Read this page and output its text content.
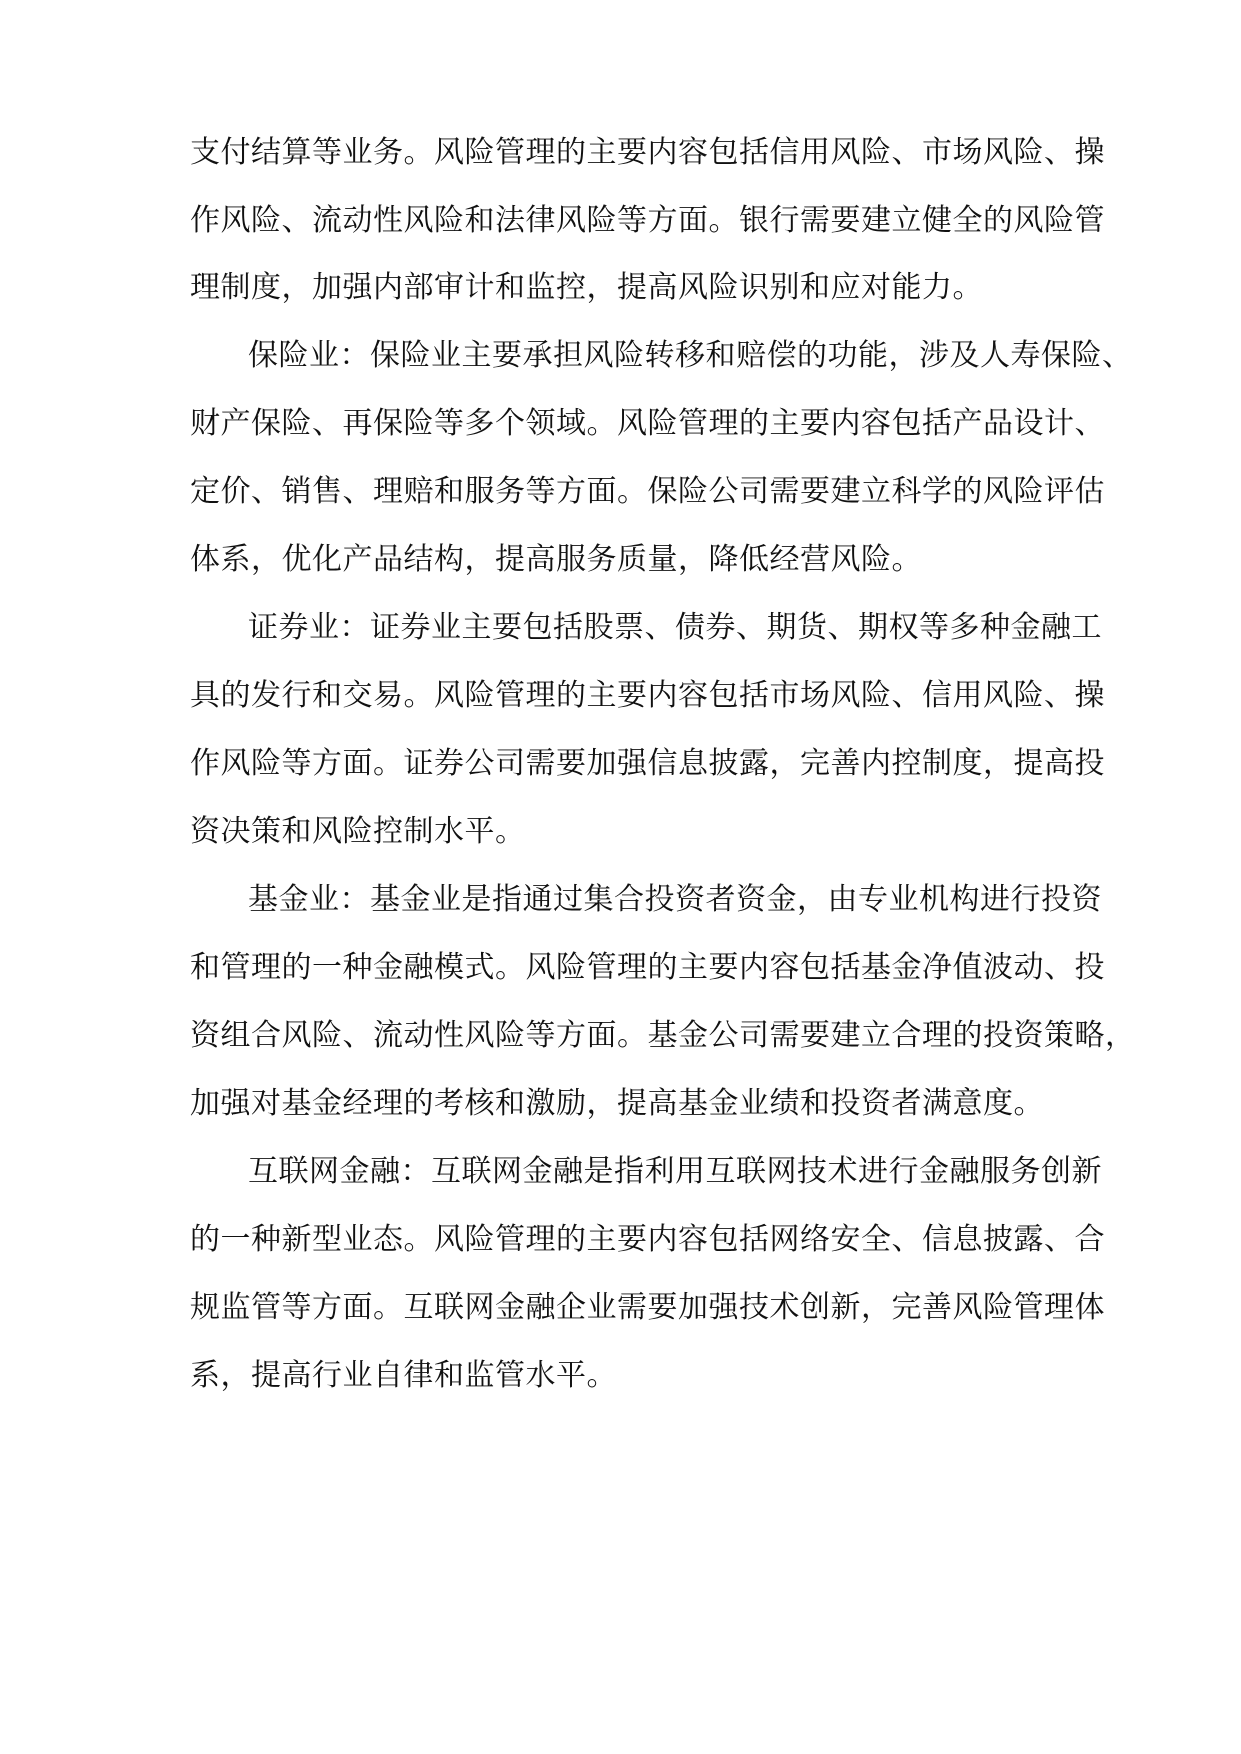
支付结算等业务。风险管理的主要内容包括信用风险、市场风险、操
作风险、流动性风险和法律风险等方面。银行需要建立健全的风险管
理制度，加强内部审计和监控，提高风险识别和应对能力。
保险业：保险业主要承担风险转移和赔偿的功能，涉及人寿保险、
财产保险、再保险等多个领域。风险管理的主要内容包括产品设计、
定价、销售、理赔和服务等方面。保险公司需要建立科学的风险评估
体系，优化产品结构，提高服务质量，降低经营风险。
证券业：证券业主要包括股票、债券、期货、期权等多种金融工
具的发行和交易。风险管理的主要内容包括市场风险、信用风险、操
作风险等方面。证券公司需要加强信息披露，完善内控制度，提高投
资决策和风险控制水平。
基金业：基金业是指通过集合投资者资金，由专业机构进行投资
和管理的一种金融模式。风险管理的主要内容包括基金净值波动、投
资组合风险、流动性风险等方面。基金公司需要建立合理的投资策略，
加强对基金经理的考核和激励，提高基金业绩和投资者满意度。
互联网金融：互联网金融是指利用互联网技术进行金融服务创新
的一种新型业态。风险管理的主要内容包括网络安全、信息披露、合
规监管等方面。互联网金融企业需要加强技术创新，完善风险管理体
系，提高行业自律和监管水平。
